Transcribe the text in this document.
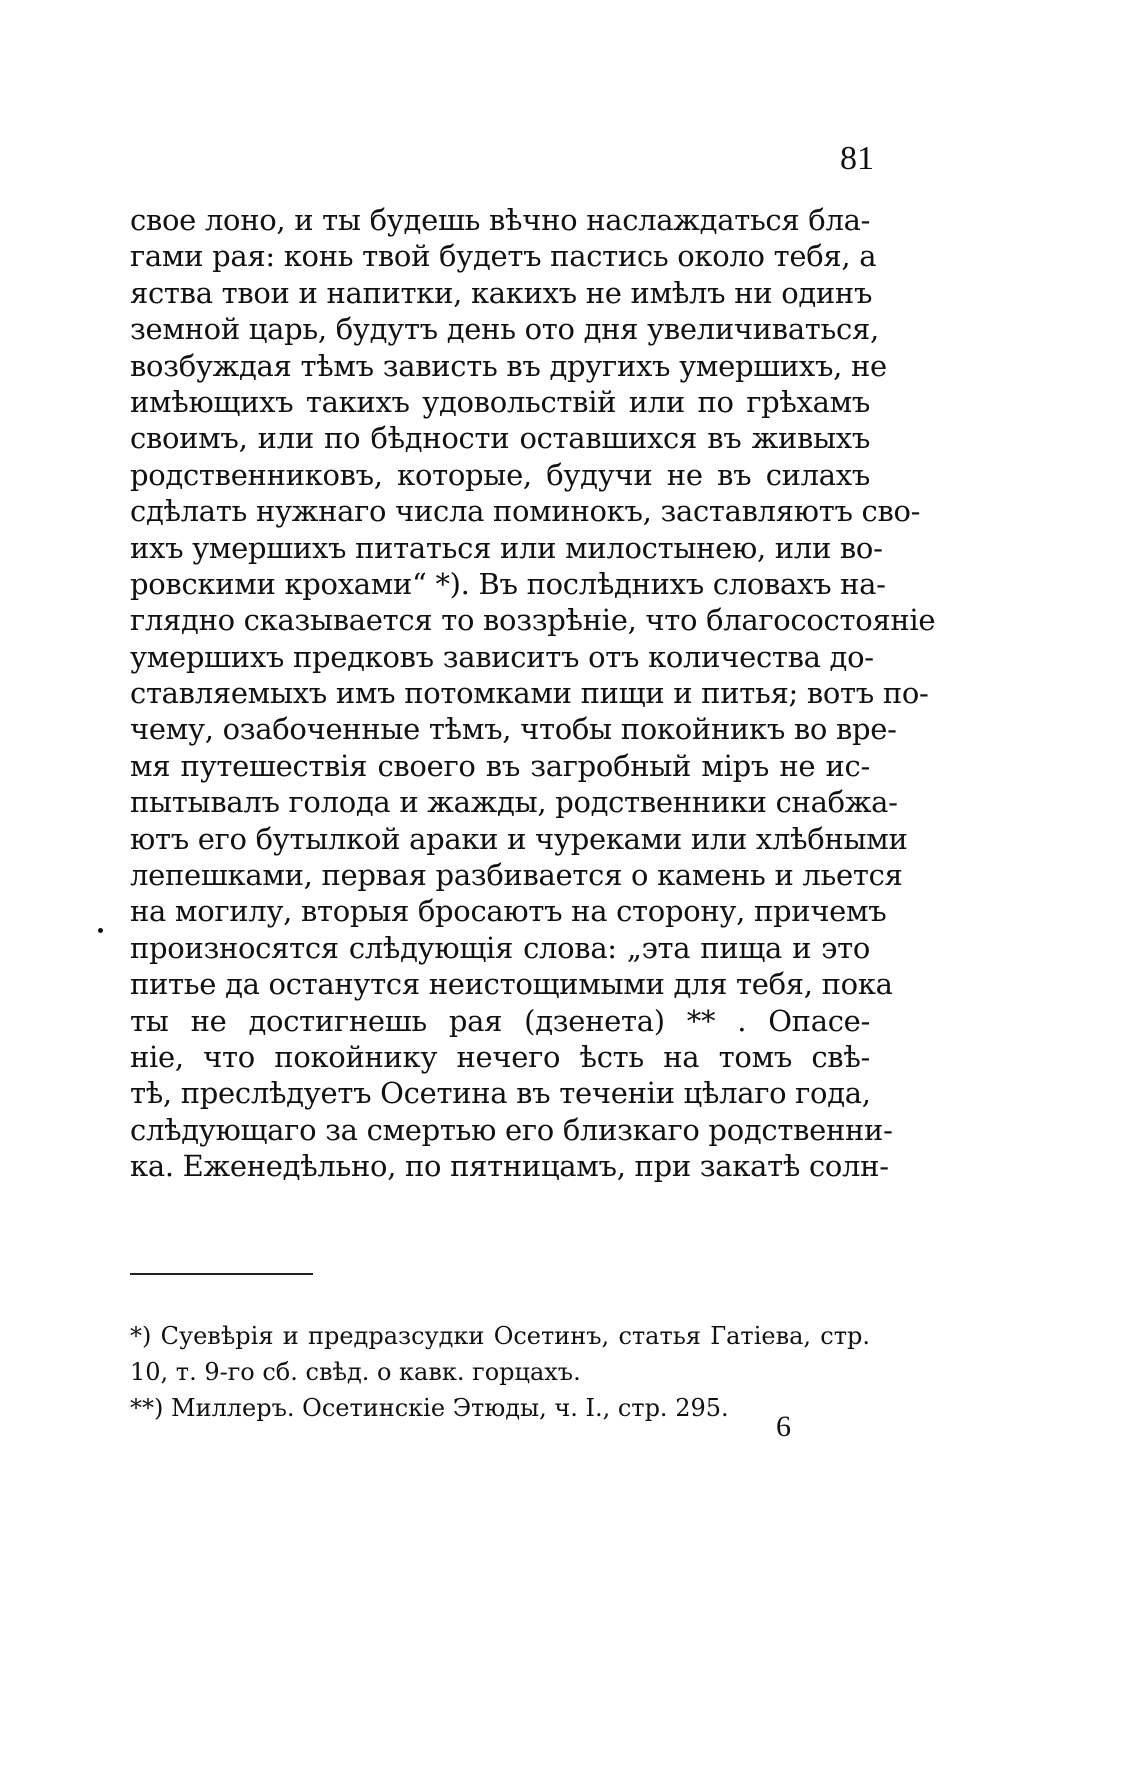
81
свое лоно, и ты будешь вѣчно наслаждаться бла-
гами рая: конь твой будетъ пастись около тебя, а
яства твои и напитки, какихъ не имѣлъ ни одинъ
земной царь, будутъ день ото дня увеличиваться,
возбуждая тѣмъ зависть въ другихъ умершихъ, не
имѣющихъ такихъ удовольствій или по грѣхамъ
своимъ, или по бѣдности оставшихся въ живыхъ
родственниковъ, которые, будучи не въ силахъ
сдѣлать нужнаго числа поминокъ, заставляютъ сво-
ихъ умершихъ питаться или милостынею, или во-
ровскими крохами“ *). Въ послѣднихъ словахъ на-
глядно сказывается то воззрѣніе, что благосостояніе
умершихъ предковъ зависитъ отъ количества до-
ставляемыхъ имъ потомками пищи и питья; вотъ по-
чему, озабоченные тѣмъ, чтобы покойникъ во вре-
мя путешествія своего въ загробный міръ не ис-
пытывалъ голода и жажды, родственники снабжа-
ютъ его бутылкой араки и чуреками или хлѣбными
лепешками, первая разбивается о камень и льется
на могилу, вторыя бросаютъ на сторону, причемъ
произносятся слѣдующія слова: „эта пища и это
питье да останутся неистощимыми для тебя, пока
ты не достигнешь рая (дзенета) ** . Опасе-
ніе, что покойнику нечего ѣсть на томъ свѣ-
тѣ, преслѣдуетъ Осетина въ теченіи цѣлаго года,
слѣдующаго за смертью его близкаго родственни-
ка. Еженедѣльно, по пятницамъ, при закатѣ солн-
*) Суевѣрія и предразсудки Осетинъ, статья Гатіева, стр.
10, т. 9-го сб. свѣд. о кавк. горцахъ.
**) Миллеръ. Осетинскіе Этюды, ч. I., стр. 295.
6
